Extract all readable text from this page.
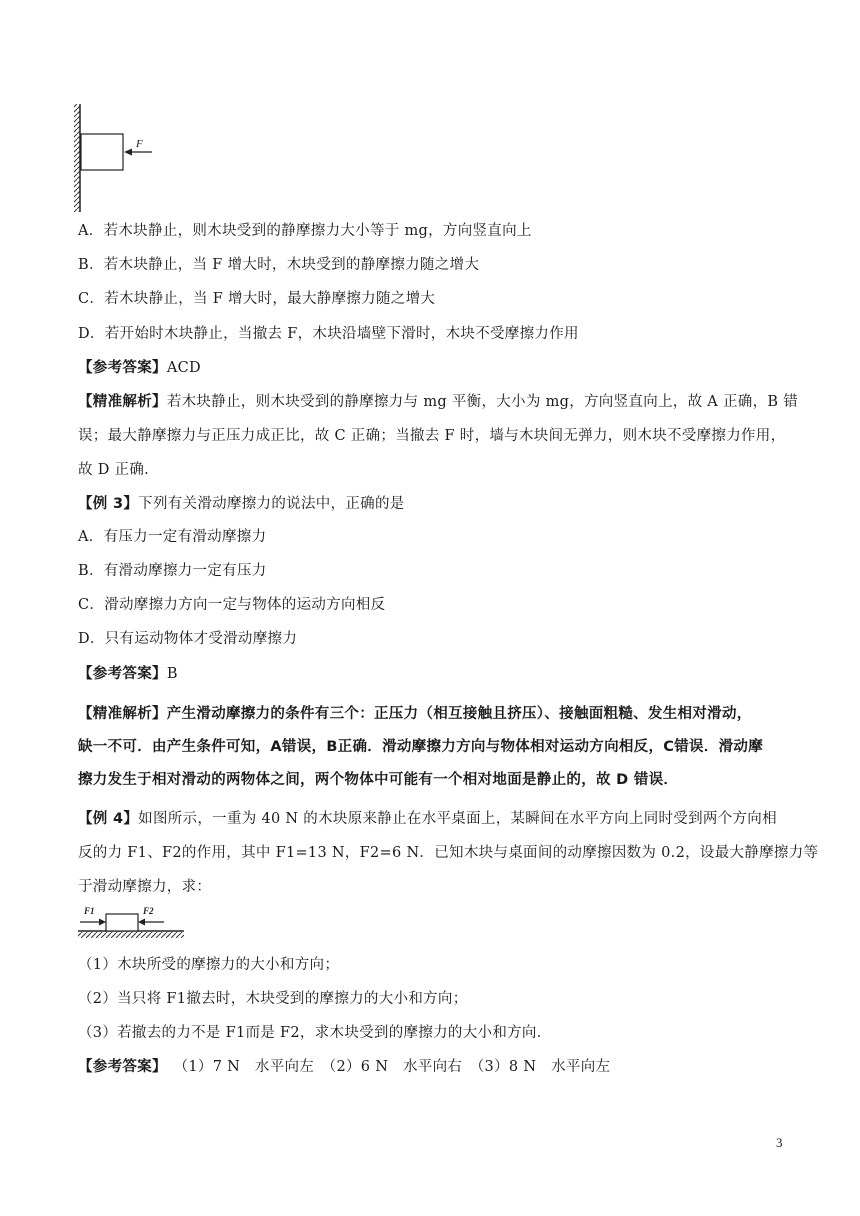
F
A．若木块静止，则木块受到的静摩擦力大小等于 mg，方向竖直向上
B．若木块静止，当 F 增大时，木块受到的静摩擦力随之增大
C．若木块静止，当 F 增大时，最大静摩擦力随之增大
D．若开始时木块静止，当撤去 F，木块沿墙壁下滑时，木块不受摩擦力作用
【参考答案】ACD
【精准解析】若木块静止，则木块受到的静摩擦力与 mg 平衡，大小为 mg，方向竖直向上，故 A 正确，B 错
误；最大静摩擦力与正压力成正比，故 C 正确；当撤去 F 时，墙与木块间无弹力，则木块不受摩擦力作用，
故 D 正确.
【例 3】下列有关滑动摩擦力的说法中，正确的是
A．有压力一定有滑动摩擦力
B．有滑动摩擦力一定有压力
C．滑动摩擦力方向一定与物体的运动方向相反
D．只有运动物体才受滑动摩擦力
【参考答案】B
【精准解析】产生滑动摩擦力的条件有三个：正压力（相互接触且挤压）、接触面粗糙、发生相对滑动，
缺一不可．由产生条件可知，A错误，B正确．滑动摩擦力方向与物体相对运动方向相反，C错误．滑动摩
擦力发生于相对滑动的两物体之间，两个物体中可能有一个相对地面是静止的，故 D 错误．
【例 4】如图所示，一重为 40 N 的木块原来静止在水平桌面上，某瞬间在水平方向上同时受到两个方向相
反的力 F1、F2的作用，其中 F1=13 N，F2=6 N．已知木块与桌面间的动摩擦因数为 0.2，设最大静摩擦力等
于滑动摩擦力，求：
F1	F2
（1）木块所受的摩擦力的大小和方向；
（2）当只将 F1撤去时，木块受到的摩擦力的大小和方向；
（3）若撤去的力不是 F1而是 F2，求木块受到的摩擦力的大小和方向．
【参考答案】 （1）7 N　水平向左　（2）6 N　水平向右　（3）8 N　水平向左
3
